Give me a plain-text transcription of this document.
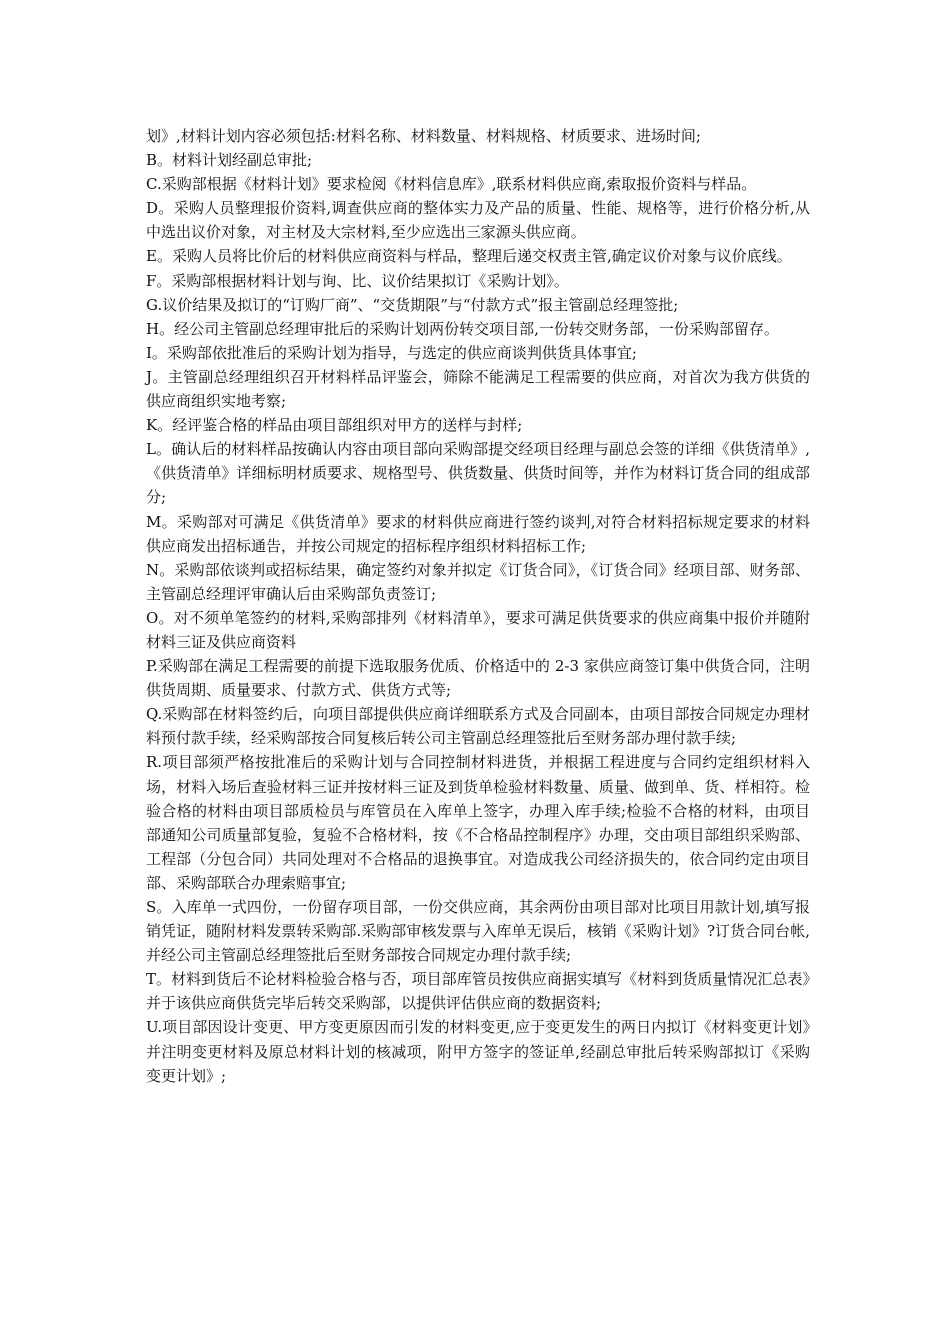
划》,材料计划内容必须包括:材料名称、材料数量、材料规格、材质要求、进场时间;

B。材料计划经副总审批;

C.采购部根据《材料计划》要求检阅《材料信息库》,联系材料供应商,索取报价资料与样品。

D。采购人员整理报价资料,调查供应商的整体实力及产品的质量、性能、规格等，进行价格分析,从中选出议价对象，对主材及大宗材料,至少应选出三家源头供应商。

E。采购人员将比价后的材料供应商资料与样品，整理后递交权责主管,确定议价对象与议价底线。

F。采购部根据材料计划与询、比、议价结果拟订《采购计划》。

G.议价结果及拟订的“订购厂商”、“交货期限”与“付款方式”报主管副总经理签批;

H。经公司主管副总经理审批后的采购计划两份转交项目部,一份转交财务部，一份采购部留存。

I。采购部依批准后的采购计划为指导，与选定的供应商谈判供货具体事宜;

J。主管副总经理组织召开材料样品评鉴会，筛除不能满足工程需要的供应商，对首次为我方供货的供应商组织实地考察;

K。经评鉴合格的样品由项目部组织对甲方的送样与封样;

L。确认后的材料样品按确认内容由项目部向采购部提交经项目经理与副总会签的详细《供货清单》,《供货清单》详细标明材质要求、规格型号、供货数量、供货时间等，并作为材料订货合同的组成部分;

M。采购部对可满足《供货清单》要求的材料供应商进行签约谈判,对符合材料招标规定要求的材料供应商发出招标通告，并按公司规定的招标程序组织材料招标工作;

N。采购部依谈判或招标结果，确定签约对象并拟定《订货合同》，《订货合同》经项目部、财务部、主管副总经理评审确认后由采购部负责签订;

O。对不须单笔签约的材料,采购部排列《材料清单》，要求可满足供货要求的供应商集中报价并随附材料三证及供应商资料

P.采购部在满足工程需要的前提下选取服务优质、价格适中的 2-3 家供应商签订集中供货合同，注明供货周期、质量要求、付款方式、供货方式等;

Q.采购部在材料签约后，向项目部提供供应商详细联系方式及合同副本，由项目部按合同规定办理材料预付款手续，经采购部按合同复核后转公司主管副总经理签批后至财务部办理付款手续;

R.项目部须严格按批准后的采购计划与合同控制材料进货，并根据工程进度与合同约定组织材料入场，材料入场后查验材料三证并按材料三证及到货单检验材料数量、质量、做到单、货、样相符。检验合格的材料由项目部质检员与库管员在入库单上签字，办理入库手续;检验不合格的材料，由项目部通知公司质量部复验，复验不合格材料，按《不合格品控制程序》办理，交由项目部组织采购部、工程部（分包合同）共同处理对不合格品的退换事宜。对造成我公司经济损失的，依合同约定由项目部、采购部联合办理索赔事宜;

S。入库单一式四份，一份留存项目部，一份交供应商，其余两份由项目部对比项目用款计划,填写报销凭证，随附材料发票转采购部.采购部审核发票与入库单无误后，核销《采购计划》?订货合同台帐,并经公司主管副总经理签批后至财务部按合同规定办理付款手续;

T。材料到货后不论材料检验合格与否，项目部库管员按供应商据实填写《材料到货质量情况汇总表》并于该供应商供货完毕后转交采购部，以提供评估供应商的数据资料;

U.项目部因设计变更、甲方变更原因而引发的材料变更,应于变更发生的两日内拟订《材料变更计划》并注明变更材料及原总材料计划的核减项，附甲方签字的签证单,经副总审批后转采购部拟订《采购变更计划》;
